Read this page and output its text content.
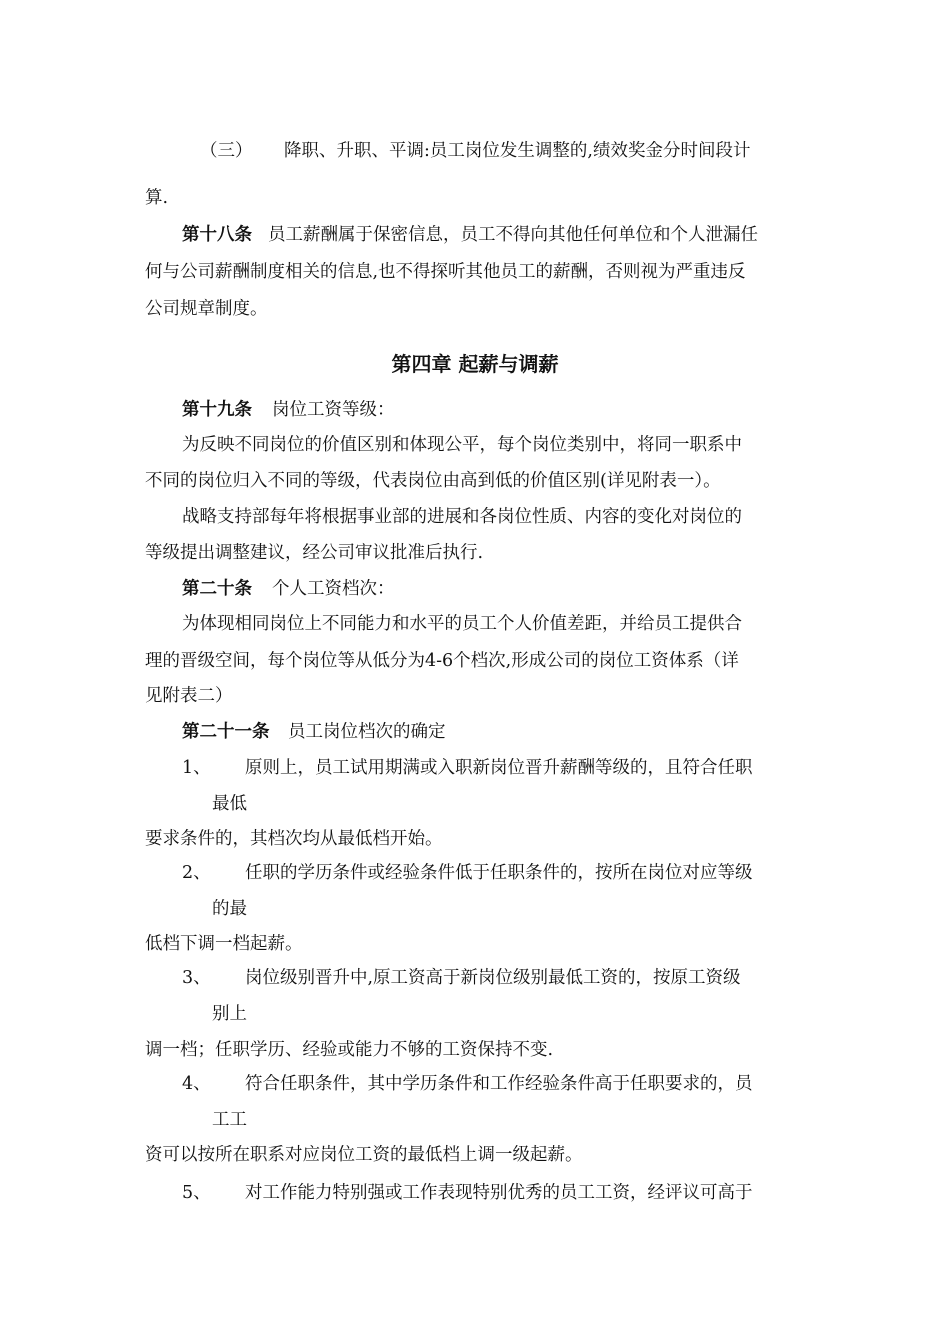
（三） 降职、升职、平调:员工岗位发生调整的,绩效奖金分时间段计
算.
第十八条 员工薪酬属于保密信息，员工不得向其他任何单位和个人泄漏任
何与公司薪酬制度相关的信息,也不得探听其他员工的薪酬，否则视为严重违反
公司规章制度。
第四章 起薪与调薪
第十九条 岗位工资等级：
为反映不同岗位的价值区别和体现公平，每个岗位类别中，将同一职系中
不同的岗位归入不同的等级，代表岗位由高到低的价值区别(详见附表一）。
战略支持部每年将根据事业部的进展和各岗位性质、内容的变化对岗位的
等级提出调整建议，经公司审议批准后执行.
第二十条 个人工资档次：
为体现相同岗位上不同能力和水平的员工个人价值差距，并给员工提供合
理的晋级空间，每个岗位等从低分为4-6个档次,形成公司的岗位工资体系（详
见附表二）
第二十一条 员工岗位档次的确定
1、 原则上，员工试用期满或入职新岗位晋升薪酬等级的，且符合任职
最低
要求条件的，其档次均从最低档开始。
2、 任职的学历条件或经验条件低于任职条件的，按所在岗位对应等级
的最
低档下调一档起薪。
3、 岗位级别晋升中,原工资高于新岗位级别最低工资的，按原工资级
别上
调一档；任职学历、经验或能力不够的工资保持不变.
4、 符合任职条件，其中学历条件和工作经验条件高于任职要求的，员
工工
资可以按所在职系对应岗位工资的最低档上调一级起薪。
5、 对工作能力特别强或工作表现特别优秀的员工工资，经评议可高于
